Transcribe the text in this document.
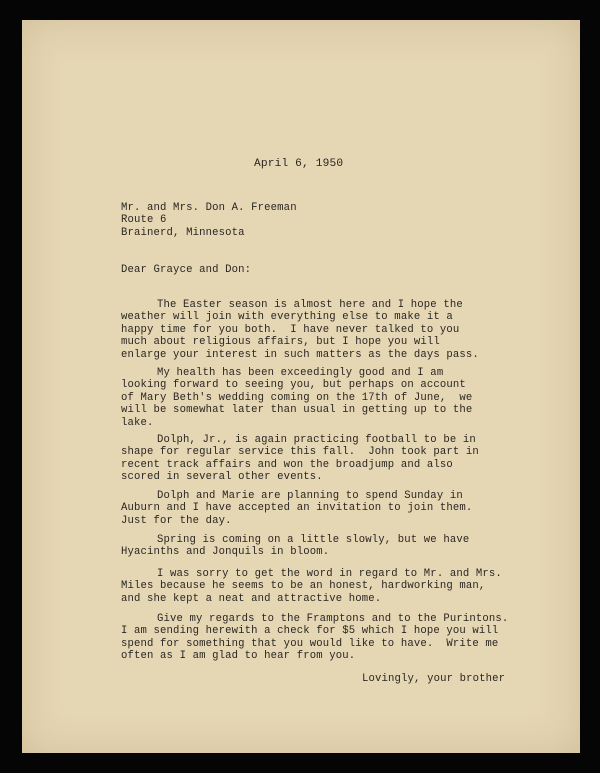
April 6, 1950
Mr. and Mrs. Don A. Freeman
Route 6
Brainerd, Minnesota
Dear Grayce and Don:
The Easter season is almost here and I hope the
weather will join with everything else to make it a
happy time for you both.  I have never talked to you
much about religious affairs, but I hope you will
enlarge your interest in such matters as the days pass.
My health has been exceedingly good and I am
looking forward to seeing you, but perhaps on account
of Mary Beth's wedding coming on the 17th of June,  we
will be somewhat later than usual in getting up to the
lake.
Dolph, Jr., is again practicing football to be in
shape for regular service this fall.  John took part in
recent track affairs and won the broadjump and also
scored in several other events.
Dolph and Marie are planning to spend Sunday in
Auburn and I have accepted an invitation to join them.
Just for the day.
Spring is coming on a little slowly, but we have
Hyacinths and Jonquils in bloom.
I was sorry to get the word in regard to Mr. and Mrs.
Miles because he seems to be an honest, hardworking man,
and she kept a neat and attractive home.
Give my regards to the Framptons and to the Purintons.
I am sending herewith a check for $5 which I hope you will
spend for something that you would like to have.  Write me
often as I am glad to hear from you.
Lovingly, your brother
